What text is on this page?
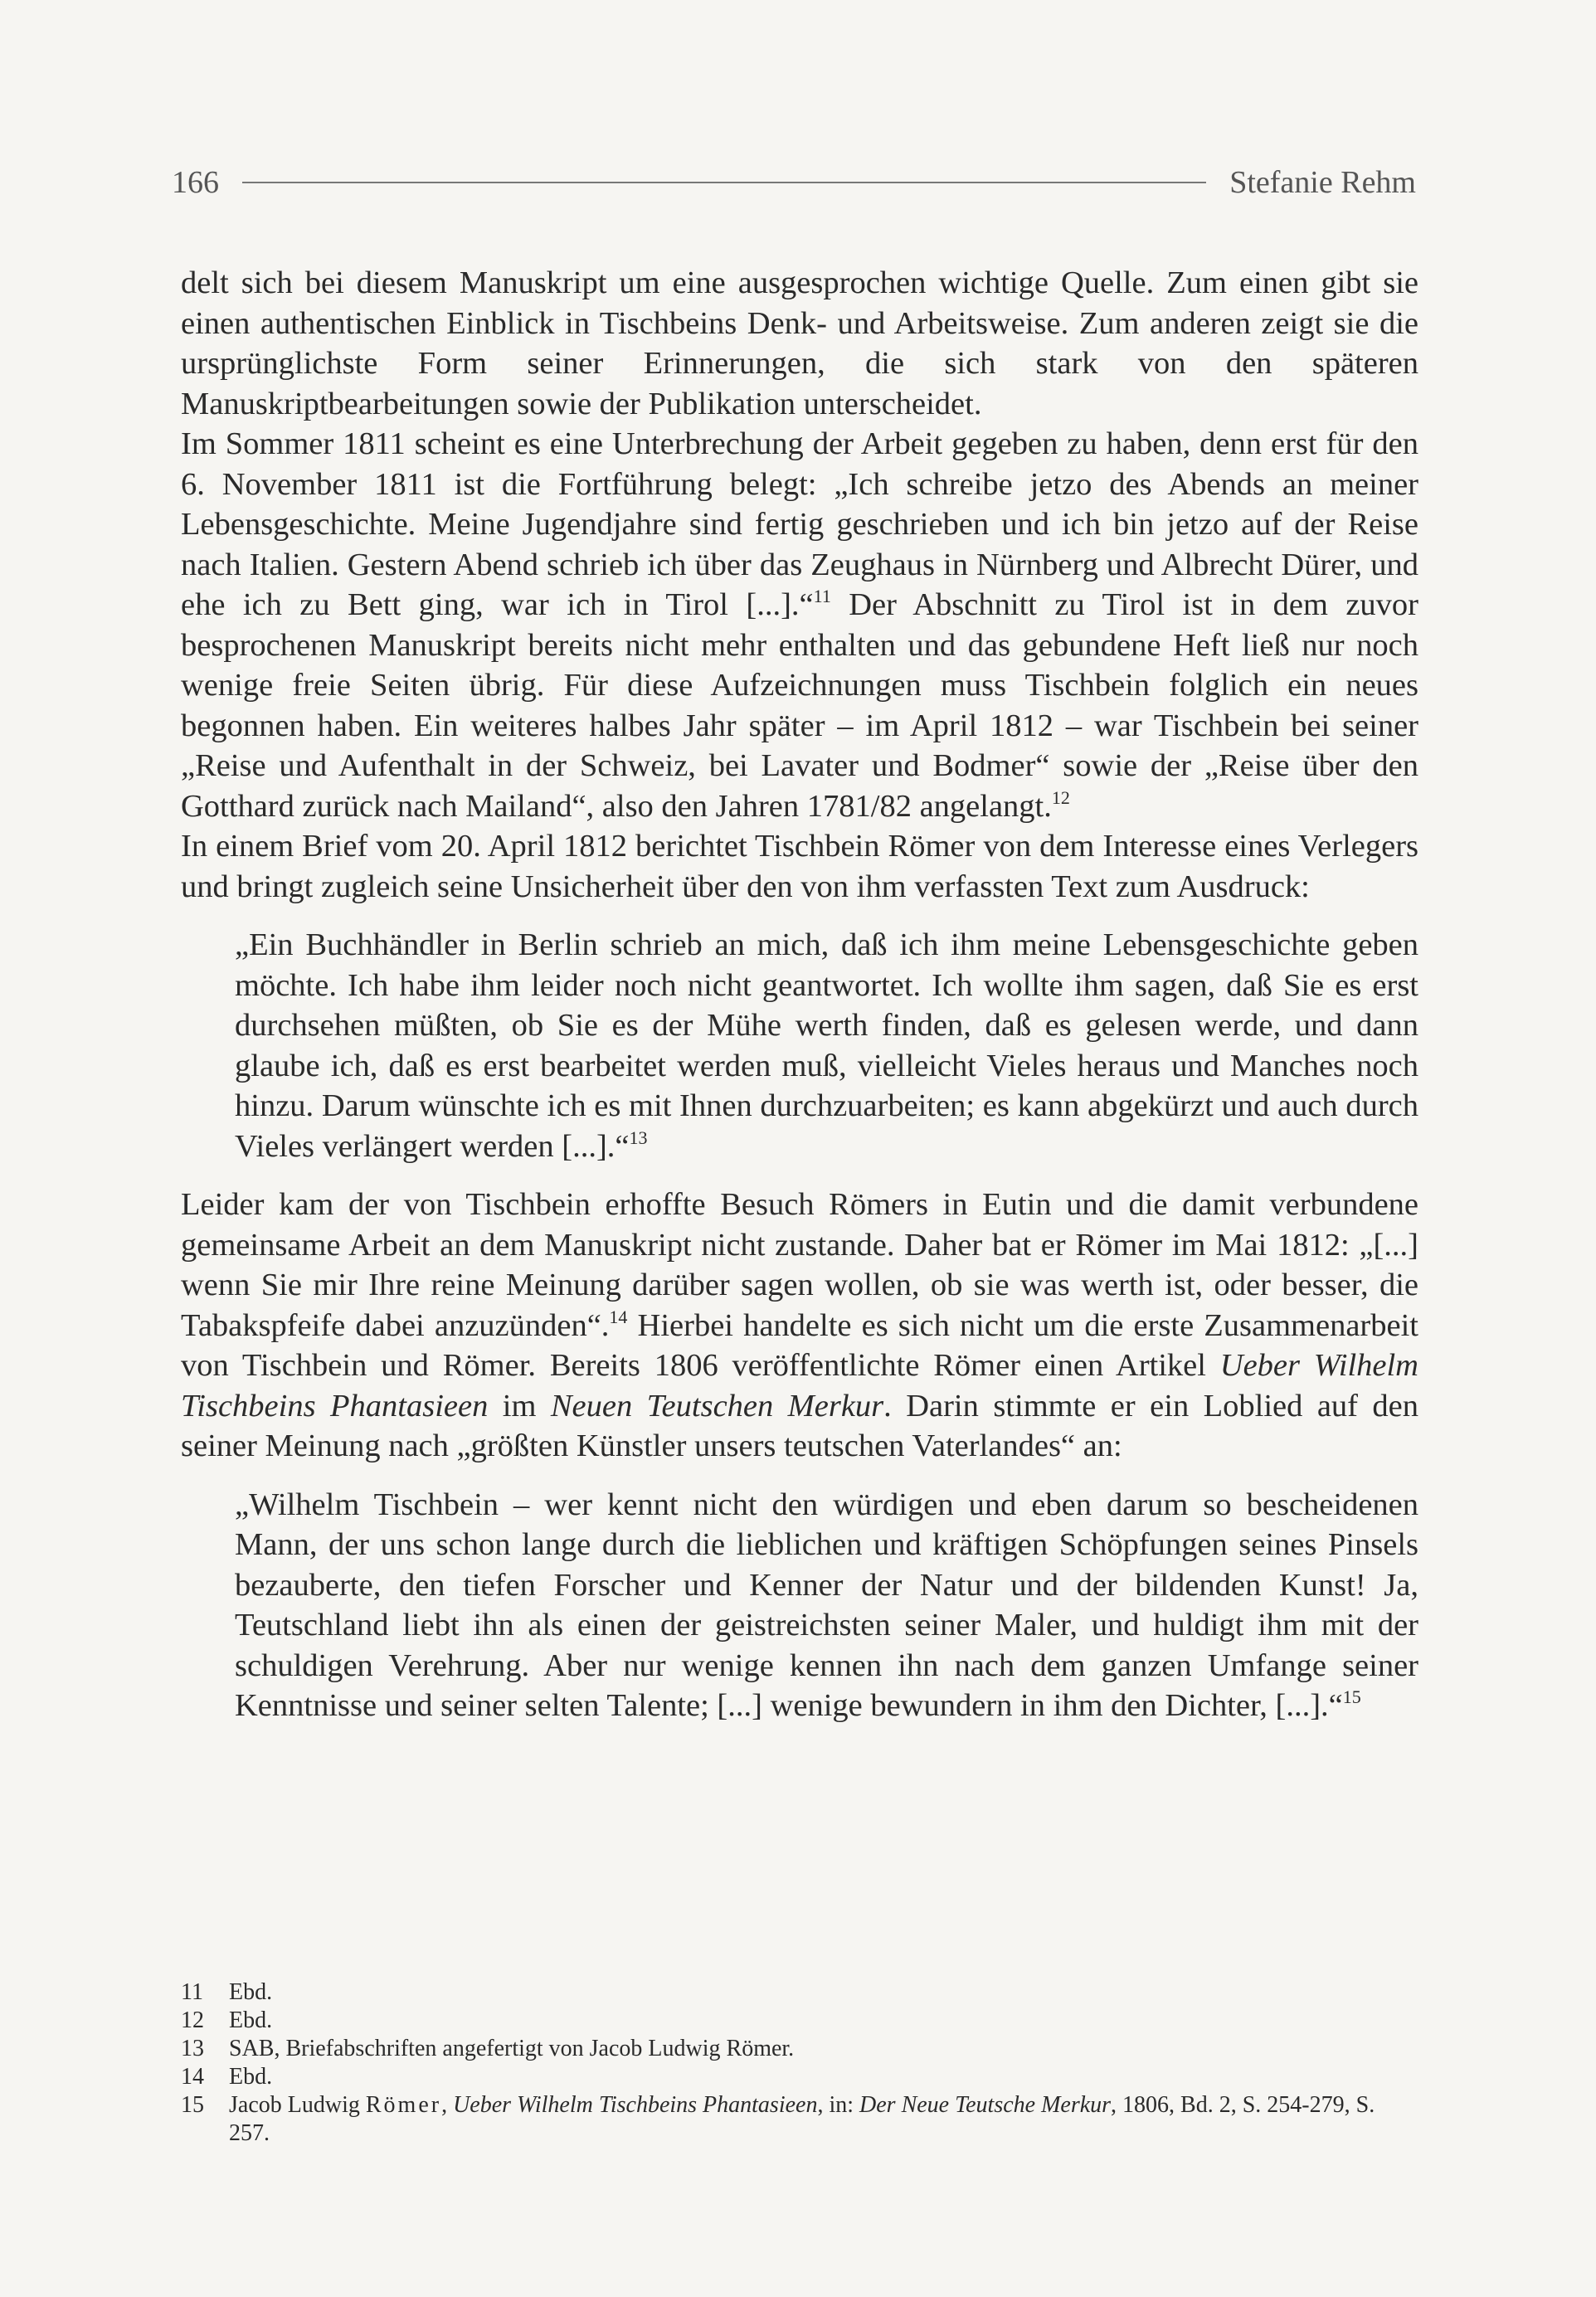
166	Stefanie Rehm

delt sich bei diesem Manuskript um eine ausgesprochen wichtige Quelle. Zum einen gibt sie einen authentischen Einblick in Tischbeins Denk- und Arbeitsweise. Zum anderen zeigt sie die ursprünglichste Form seiner Erinnerungen, die sich stark von den späteren Manuskriptbearbeitungen sowie der Publikation unterscheidet.

Im Sommer 1811 scheint es eine Unterbrechung der Arbeit gegeben zu haben, denn erst für den 6. November 1811 ist die Fortführung belegt: „Ich schreibe jetzo des Abends an meiner Lebensgeschichte. Meine Jugendjahre sind fertig geschrieben und ich bin jetzo auf der Reise nach Italien. Gestern Abend schrieb ich über das Zeughaus in Nürnberg und Albrecht Dürer, und ehe ich zu Bett ging, war ich in Tirol [...].“$^{11}$ Der Abschnitt zu Tirol ist in dem zuvor besprochenen Manuskript bereits nicht mehr enthalten und das gebundene Heft ließ nur noch wenige freie Seiten übrig. Für diese Aufzeichnungen muss Tischbein folglich ein neues begonnen haben. Ein weiteres halbes Jahr später – im April 1812 – war Tischbein bei seiner „Reise und Aufenthalt in der Schweiz, bei Lavater und Bodmer“ sowie der „Reise über den Gotthard zurück nach Mailand“, also den Jahren 1781/82 angelangt.$^{12}$

In einem Brief vom 20. April 1812 berichtet Tischbein Römer von dem Interesse eines Verlegers und bringt zugleich seine Unsicherheit über den von ihm verfassten Text zum Ausdruck:

„Ein Buchhändler in Berlin schrieb an mich, daß ich ihm meine Lebensgeschichte geben möchte. Ich habe ihm leider noch nicht geantwortet. Ich wollte ihm sagen, daß Sie es erst durchsehen müßten, ob Sie es der Mühe werth finden, daß es gelesen werde, und dann glaube ich, daß es erst bearbeitet werden muß, vielleicht Vieles heraus und Manches noch hinzu. Darum wünschte ich es mit Ihnen durchzuarbeiten; es kann abgekürzt und auch durch Vieles verlängert werden [...].“$^{13}$

Leider kam der von Tischbein erhoffte Besuch Römers in Eutin und die damit verbundene gemeinsame Arbeit an dem Manuskript nicht zustande. Daher bat er Römer im Mai 1812: „[...] wenn Sie mir Ihre reine Meinung darüber sagen wollen, ob sie was werth ist, oder besser, die Tabakspfeife dabei anzuzünden“.$^{14}$ Hierbei handelte es sich nicht um die erste Zusammenarbeit von Tischbein und Römer. Bereits 1806 veröffentlichte Römer einen Artikel Ueber Wilhelm Tischbeins Phantasieen im Neuen Teutschen Merkur. Darin stimmte er ein Loblied auf den seiner Meinung nach „größten Künstler unsers teutschen Vaterlandes“ an:

„Wilhelm Tischbein – wer kennt nicht den würdigen und eben darum so bescheidenen Mann, der uns schon lange durch die lieblichen und kräftigen Schöpfungen seines Pinsels bezauberte, den tiefen Forscher und Kenner der Natur und der bildenden Kunst! Ja, Teutschland liebt ihn als einen der geistreichsten seiner Maler, und huldigt ihm mit der schuldigen Verehrung. Aber nur wenige kennen ihn nach dem ganzen Umfange seiner Kenntnisse und seiner selten Talente; [...] wenige bewundern in ihm den Dichter, [...].“$^{15}$

11	Ebd.
12	Ebd.
13	SAB, Briefabschriften angefertigt von Jacob Ludwig Römer.
14	Ebd.
15	Jacob Ludwig Römer, Ueber Wilhelm Tischbeins Phantasieen, in: Der Neue Teutsche Merkur, 1806, Bd. 2, S. 254-279, S. 257.
